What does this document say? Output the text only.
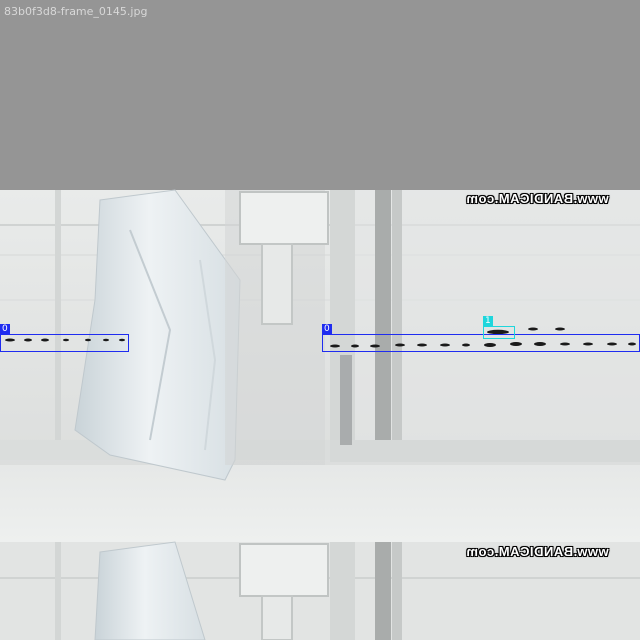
83b0f3d8-frame_0145.jpg
www.BANDICAM.com
www.BANDICAM.com
0	0
1
